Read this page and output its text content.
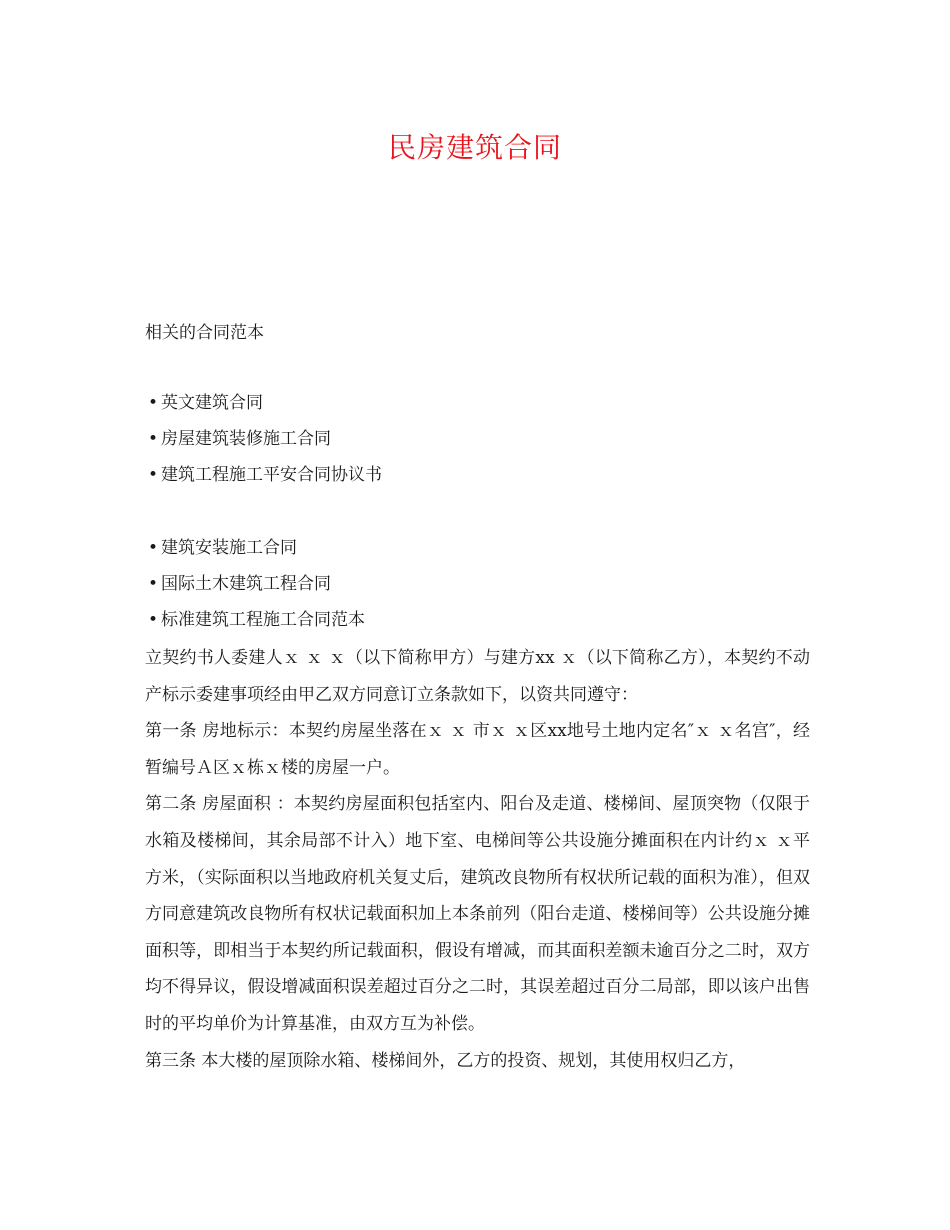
民房建筑合同
相关的合同范本
• 英文建筑合同
• 房屋建筑装修施工合同
• 建筑工程施工平安合同协议书
• 建筑安装施工合同
• 国际土木建筑工程合同
• 标准建筑工程施工合同范本

立契约书人委建人ｘ ｘ ｘ（以下简称甲方）与建方xx ｘ（以下简称乙方），本契约不动产标示委建事项经由甲乙双方同意订立条款如下，以资共同遵守：

第一条 房地标示：本契约房屋坐落在ｘ ｘ 市ｘ ｘ区xx地号土地内定名″ｘ ｘ名宫″，经暂编号Ａ区ｘ栋ｘ楼的房屋一户。

第二条 房屋面积 ：本契约房屋面积包括室内、阳台及走道、楼梯间、屋顶突物（仅限于水箱及楼梯间，其余局部不计入）地下室、电梯间等公共设施分摊面积在内计约ｘ ｘ平方米，（实际面积以当地政府机关复丈后，建筑改良物所有权状所记载的面积为准），但双方同意建筑改良物所有权状记载面积加上本条前列（阳台走道、楼梯间等）公共设施分摊面积等，即相当于本契约所记载面积，假设有增减，而其面积差额未逾百分之二时，双方均不得异议，假设增减面积误差超过百分之二时，其误差超过百分二局部，即以该户出售时的平均单价为计算基准，由双方互为补偿。

第三条 本大楼的屋顶除水箱、楼梯间外，乙方的投资、规划，其使用权归乙方，
